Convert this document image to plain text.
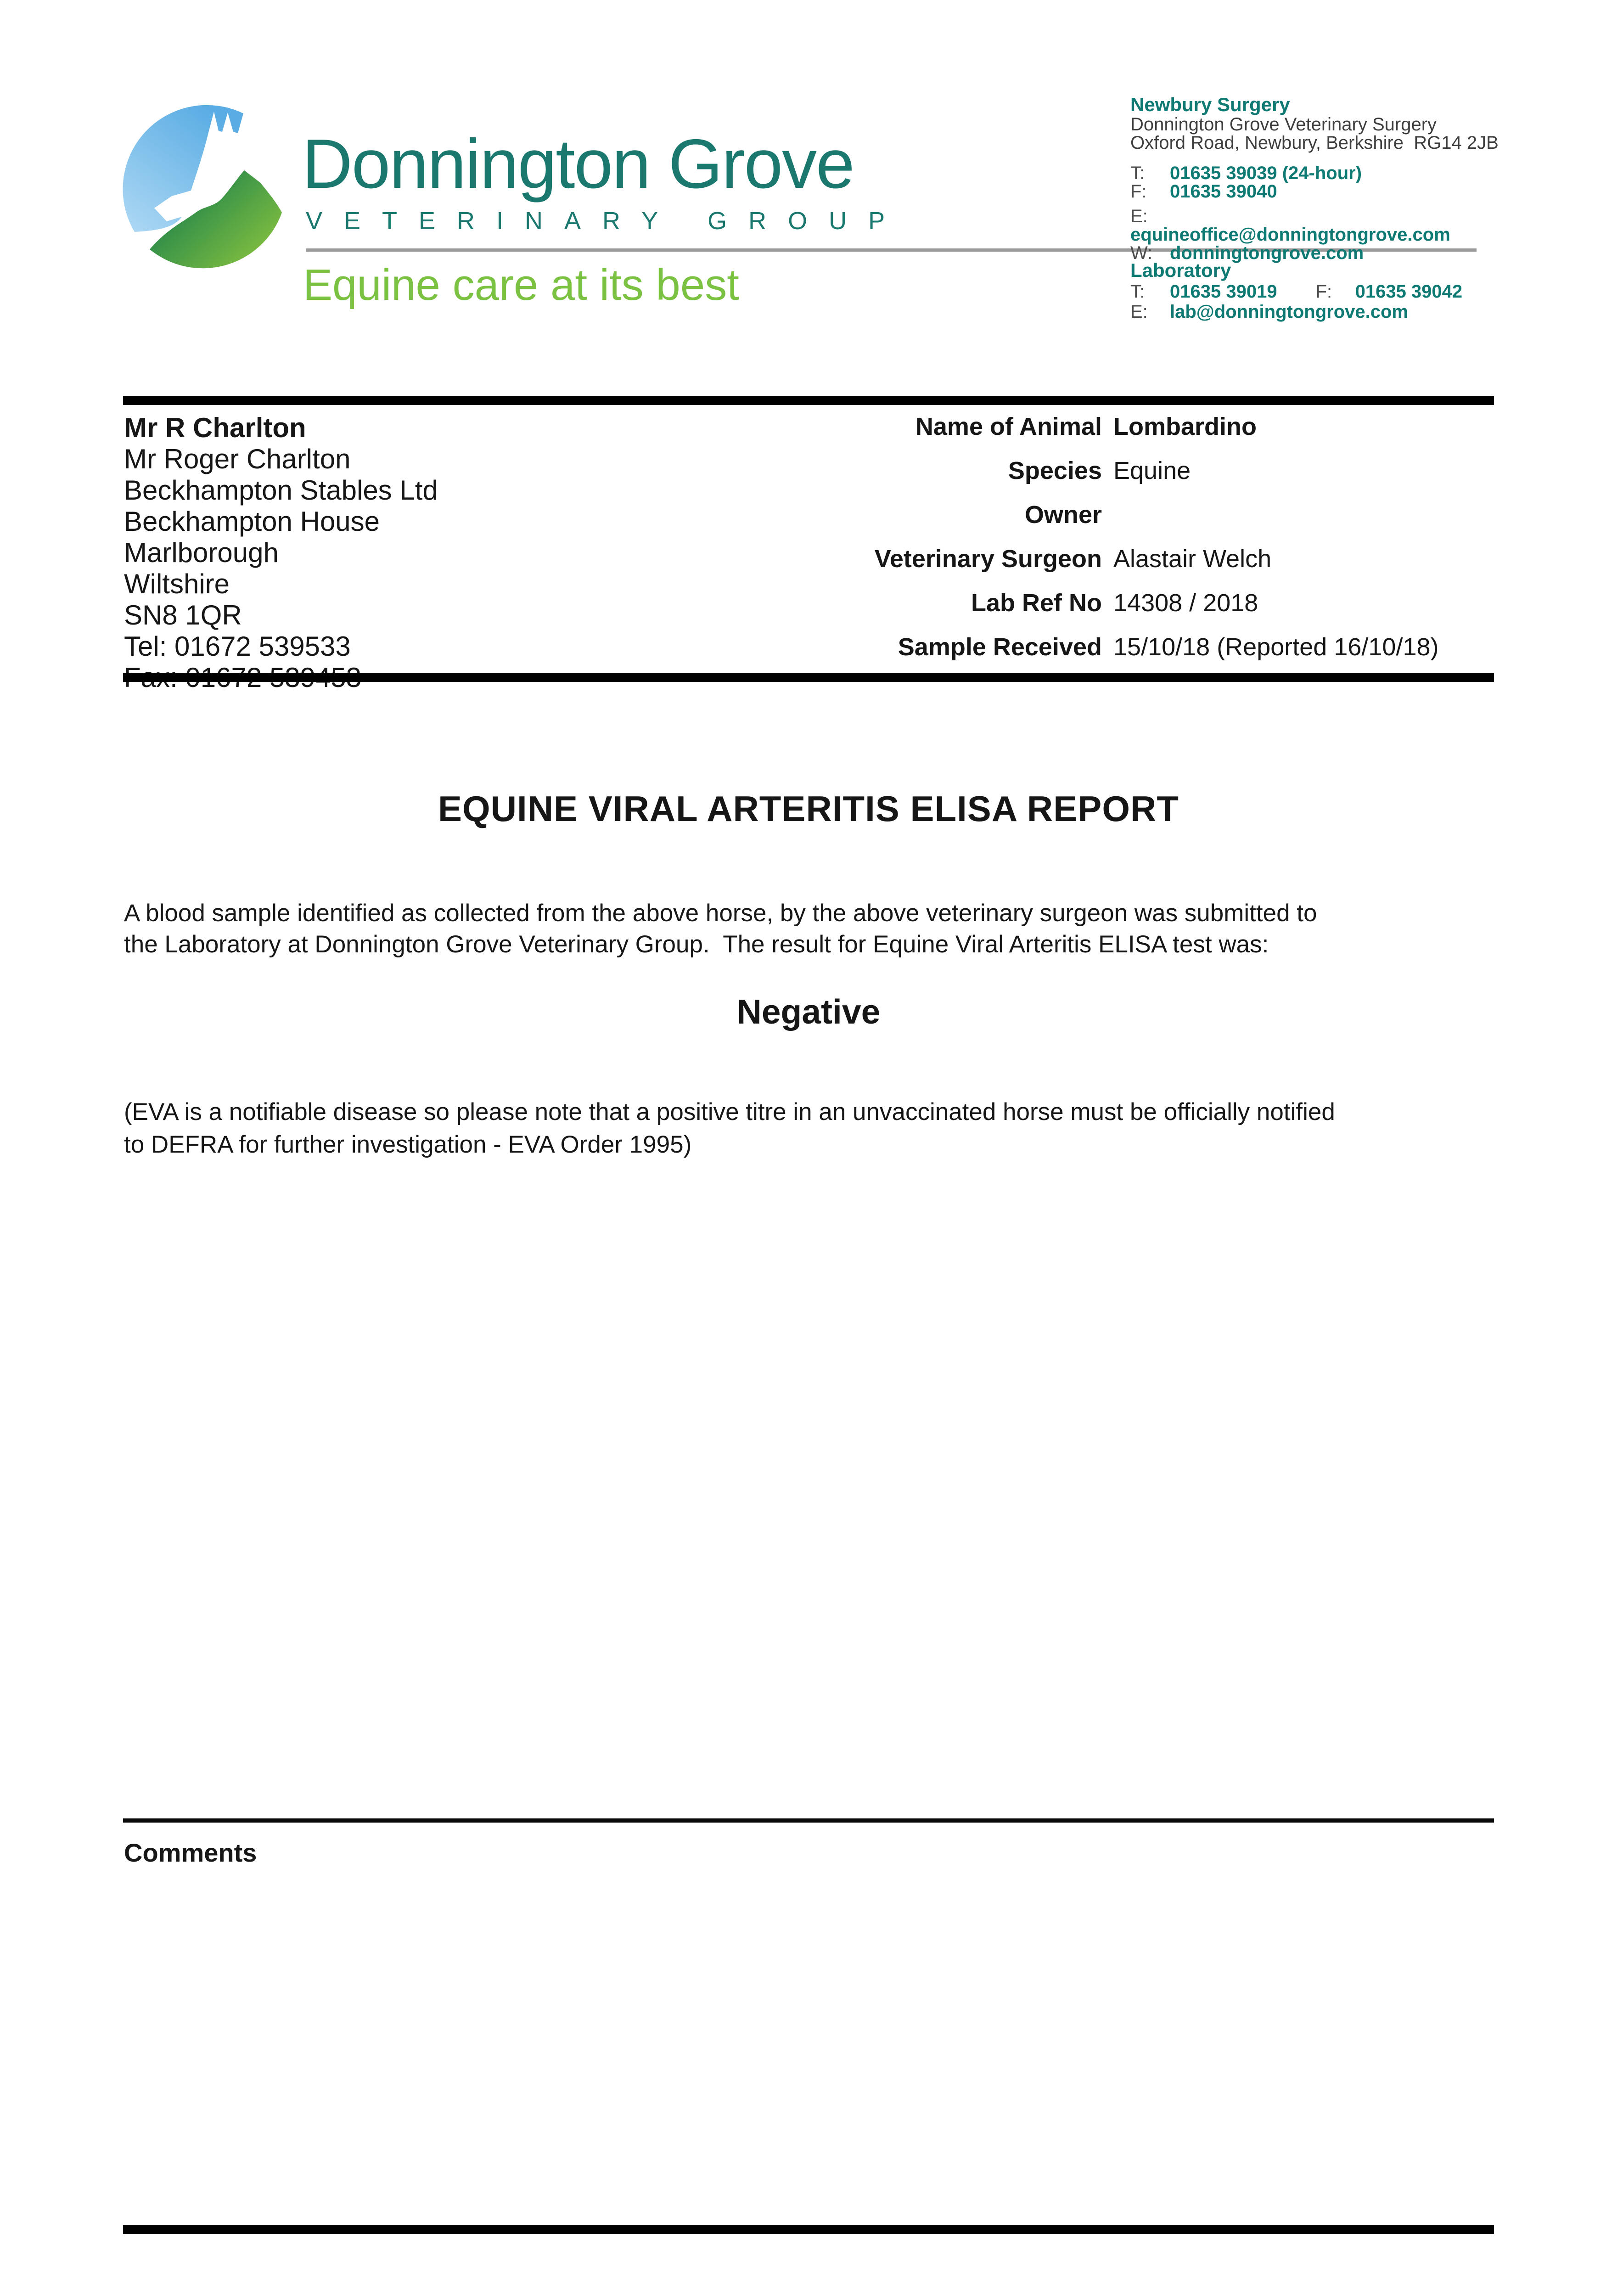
Donnington Grove
VETERINARY GROUP
Equine care at its best
Newbury Surgery
Donnington Grove Veterinary Surgery
Oxford Road, Newbury, Berkshire  RG14 2JB
T: 01635 39039 (24-hour)
F: 01635 39040
E:equineoffice@donningtongrove.com
W: donningtongrove.com
Laboratory
T: 01635 39019 F: 01635 39042
E: lab@donningtongrove.com
Mr R Charlton
Mr Roger Charlton
Beckhampton Stables Ltd
Beckhampton House
Marlborough
Wiltshire
SN8 1QR
Tel: 01672 539533
Name of Animal Lombardino
Species Equine
Owner
Veterinary Surgeon Alastair Welch
Lab Ref No 14308 / 2018
Sample Received 15/10/18 (Reported 16/10/18)
EQUINE VIRAL ARTERITIS ELISA REPORT
A blood sample identified as collected from the above horse, by the above veterinary surgeon was submitted to
the Laboratory at Donnington Grove Veterinary Group.  The result for Equine Viral Arteritis ELISA test was:
Negative
(EVA is a notifiable disease so please note that a positive titre in an unvaccinated horse must be officially notified
to DEFRA for further investigation - EVA Order 1995)
Comments
